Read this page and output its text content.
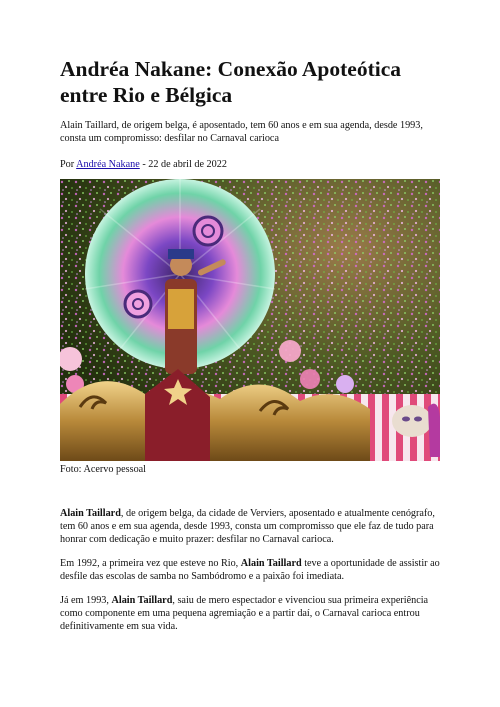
Andréa Nakane: Conexão Apoteótica entre Rio e Bélgica

Alain Taillard, de origem belga, é aposentado, tem 60 anos e em sua agenda, desde 1993, consta um compromisso: desfilar no Carnaval carioca

Por Andréa Nakane - 22 de abril de 2022

Foto: Acervo pessoal

Alain Taillard, de origem belga, da cidade de Verviers, aposentado e atualmente cenógrafo, tem 60 anos e em sua agenda, desde 1993, consta um compromisso que ele faz de tudo para honrar com dedicação e muito prazer: desfilar no Carnaval carioca.

Em 1992, a primeira vez que esteve no Rio, Alain Taillard teve a oportunidade de assistir ao desfile das escolas de samba no Sambódromo e a paixão foi imediata.

Já em 1993, Alain Taillard, saiu de mero espectador e vivenciou sua primeira experiência como componente em uma pequena agremiação e a partir daí, o Carnaval carioca entrou definitivamente em sua vida.
